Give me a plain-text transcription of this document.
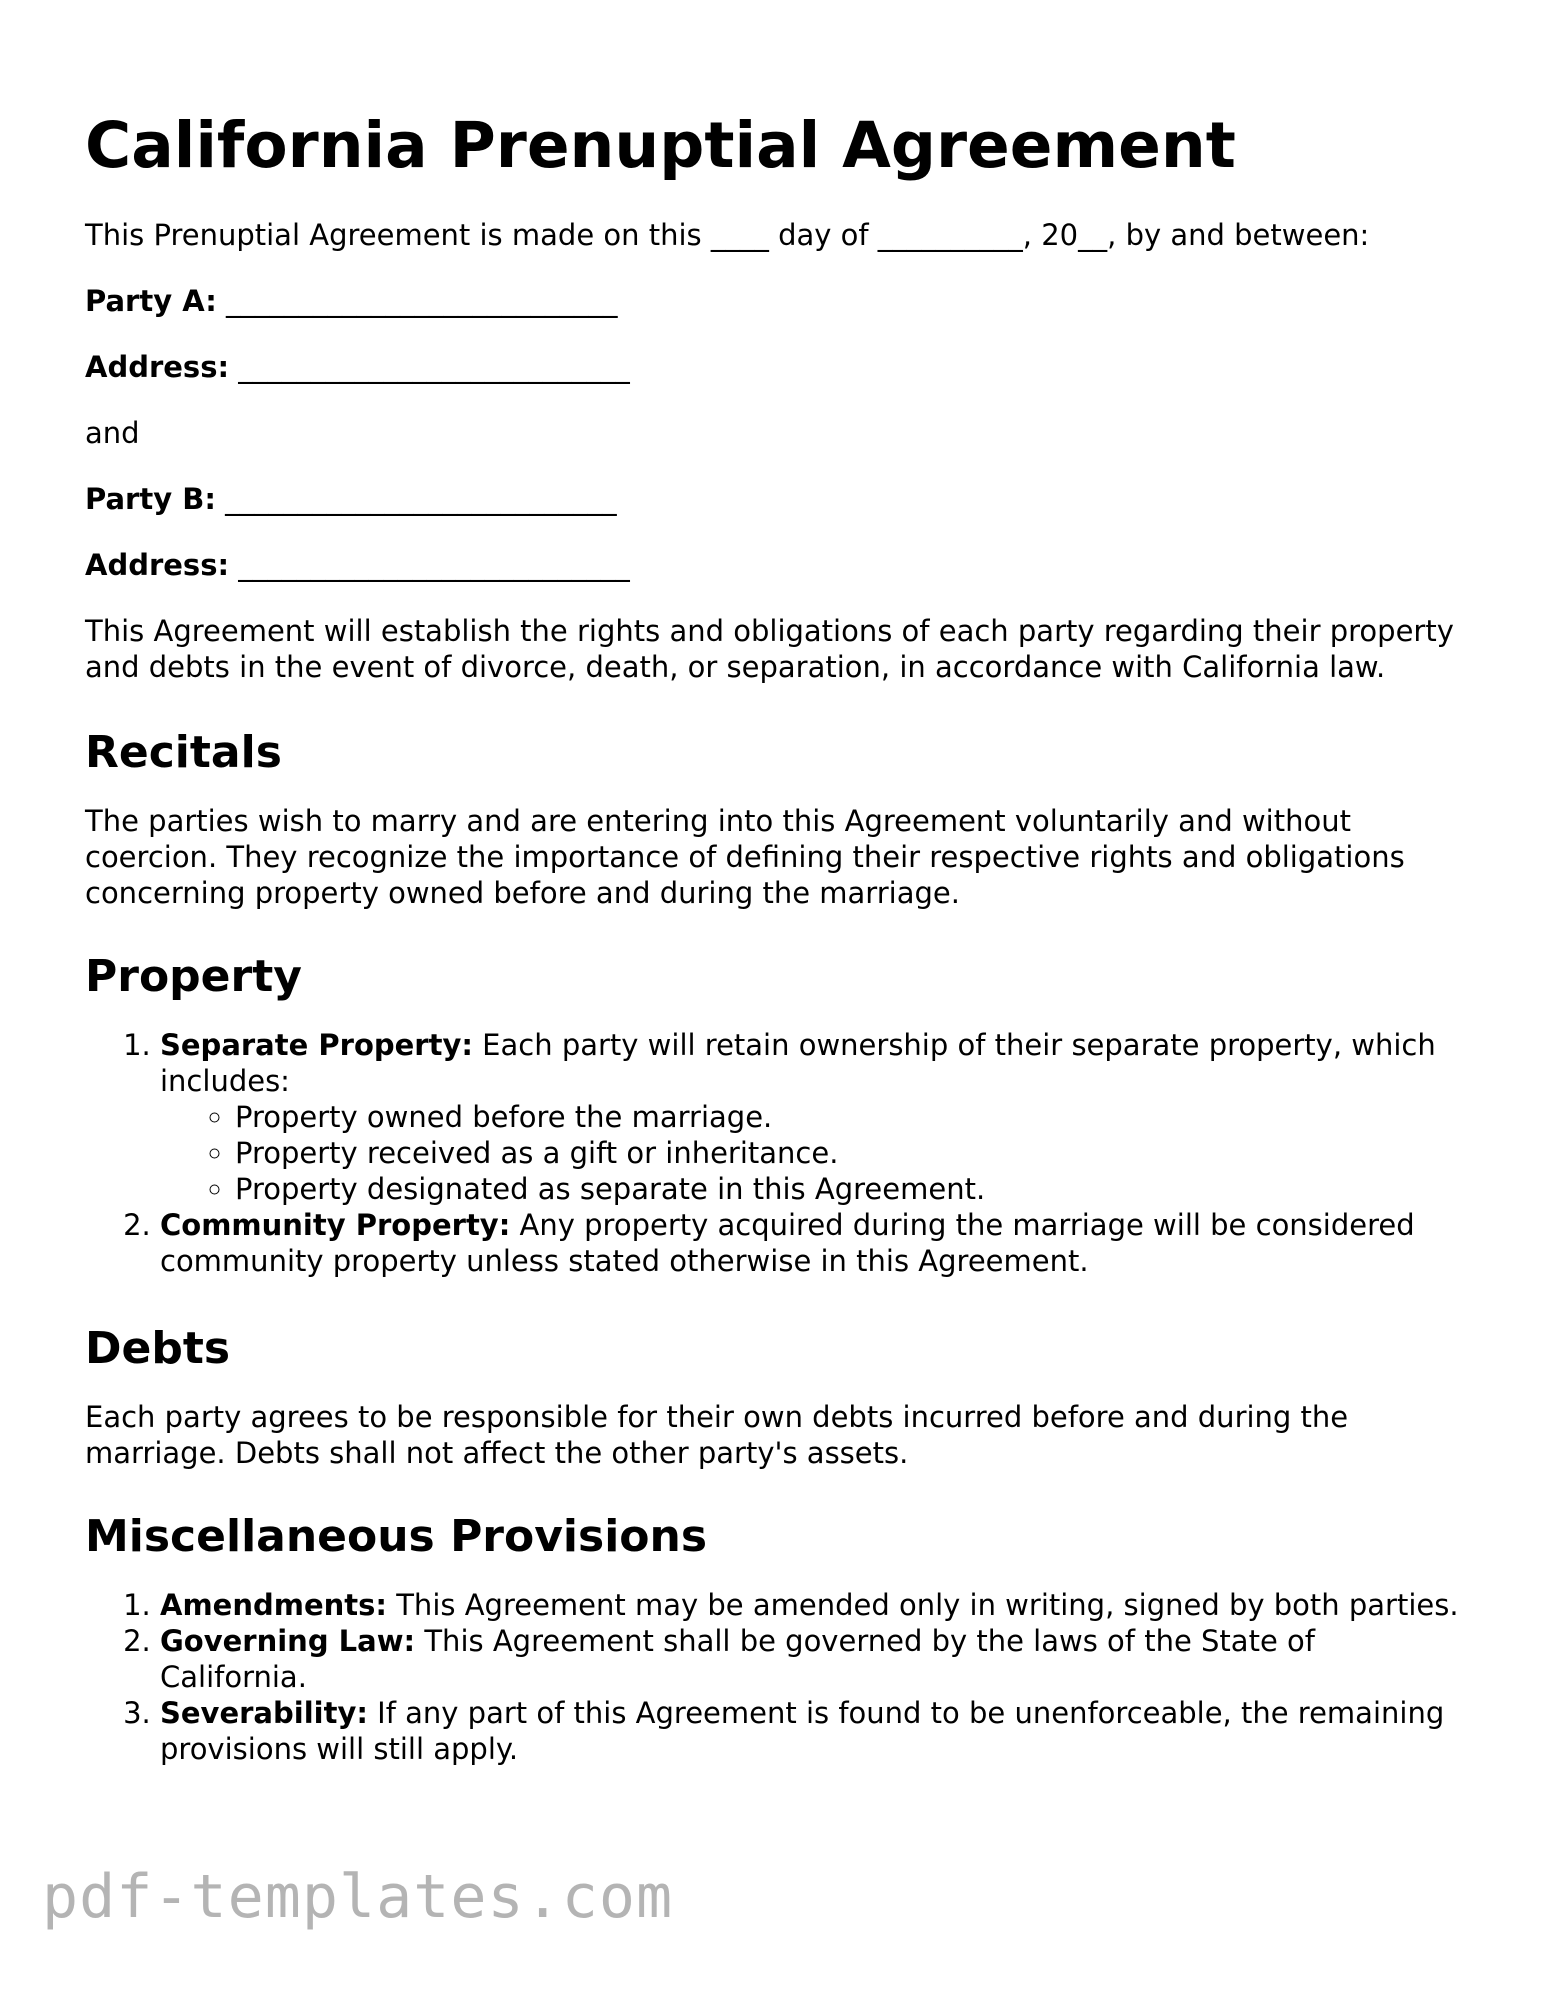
California Prenuptial Agreement

This Prenuptial Agreement is made on this ____ day of __________, 20__, by and between:

Party A: ___________________________

Address: ___________________________

and

Party B: ___________________________

Address: ___________________________

This Agreement will establish the rights and obligations of each party regarding their property and debts in the event of divorce, death, or separation, in accordance with California law.

Recitals

The parties wish to marry and are entering into this Agreement voluntarily and without coercion. They recognize the importance of defining their respective rights and obligations concerning property owned before and during the marriage.

Property
1. Separate Property: Each party will retain ownership of their separate property, which includes:
◦ Property owned before the marriage.
◦ Property received as a gift or inheritance.
◦ Property designated as separate in this Agreement.
2. Community Property: Any property acquired during the marriage will be considered community property unless stated otherwise in this Agreement.
Debts

Each party agrees to be responsible for their own debts incurred before and during the marriage. Debts shall not affect the other party's assets.

Miscellaneous Provisions
1. Amendments: This Agreement may be amended only in writing, signed by both parties.
2. Governing Law: This Agreement shall be governed by the laws of the State of California.
3. Severability: If any part of this Agreement is found to be unenforceable, the remaining provisions will still apply.
pdf-templates.com
